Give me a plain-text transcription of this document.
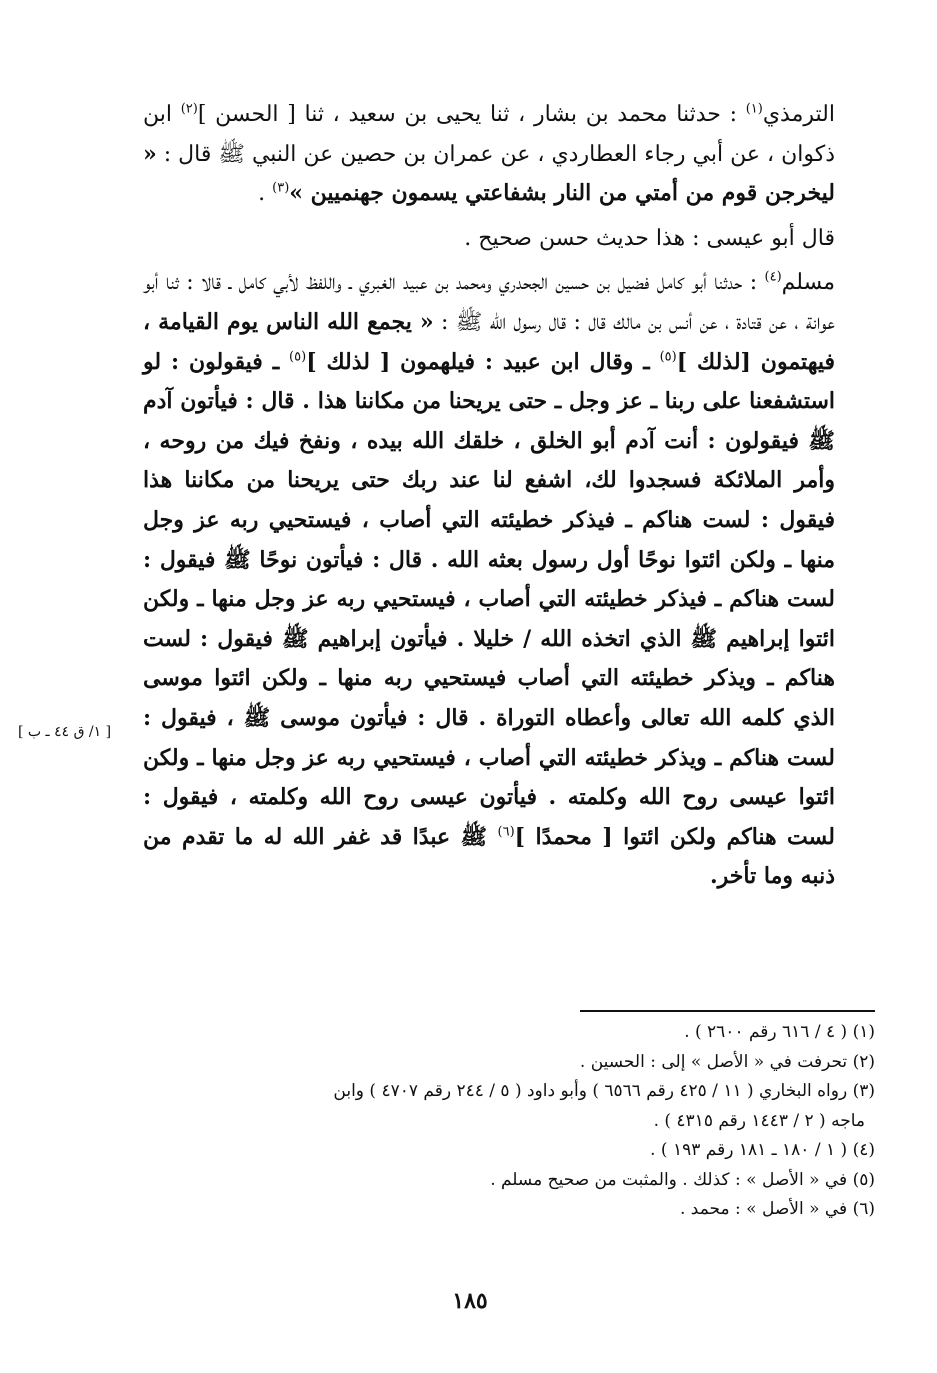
الترمذي$^{(١)}$ : حدثنا محمد بن بشار ، ثنا يحيى بن سعيد ، ثنا [ الحسن ]$^{(٢)}$ ابن ذكوان ، عن أبي رجاء العطاردي ، عن عمران بن حصين عن النبي ﷺ قال : « ليخرجن قوم من أمتي من النار بشفاعتي يسمون جهنميين »$^{(٣)}$ .

قال أبو عيسى : هذا حديث حسن صحيح .

مسلم$^{(٤)}$ : حدثنا أبو كامل فضيل بن حسين الجحدري ومحمد بن عبيد الغبري ـ واللفظ لأبي كامل ـ قالا : ثنا أبو عوانة ، عن قتادة ، عن أنس بن مالك قال : قال رسول الله ﷺ : « يجمع الله الناس يوم القيامة ، فيهتمون [لذلك ]$^{(٥)}$ ـ وقال ابن عبيد : فيلهمون [ لذلك ]$^{(٥)}$ ـ فيقولون : لو استشفعنا على ربنا ـ عز وجل ـ حتى يريحنا من مكاننا هذا . قال : فيأتون آدم ﷺ فيقولون : أنت آدم أبو الخلق ، خلقك الله بيده ، ونفخ فيك من روحه ، وأمر الملائكة فسجدوا لك، اشفع لنا عند ربك حتى يريحنا من مكاننا هذا فيقول : لست هناكم ـ فيذكر خطيئته التي أصاب ، فيستحيي ربه عز وجل منها ـ ولكن ائتوا نوحًا أول رسول بعثه الله . قال : فيأتون نوحًا ﷺ فيقول : لست هناكم ـ فيذكر خطيئته التي أصاب ، فيستحيي ربه عز وجل منها ـ ولكن ائتوا إبراهيم ﷺ الذي اتخذه الله / خليلا . فيأتون إبراهيم ﷺ فيقول : لست هناكم ـ ويذكر خطيئته التي أصاب فيستحيي ربه منها ـ ولكن ائتوا موسى الذي كلمه الله تعالى وأعطاه التوراة . قال : فيأتون موسى ﷺ ، فيقول : لست هناكم ـ ويذكر خطيئته التي أصاب ، فيستحيي ربه عز وجل منها ـ ولكن ائتوا عيسى روح الله وكلمته . فيأتون عيسى روح الله وكلمته ، فيقول : لست هناكم ولكن ائتوا [ محمدًا ]$^{(٦)}$ ﷺ عبدًا قد غفر الله له ما تقدم من ذنبه وما تأخر.

[ ١/ ق ٤٤ ـ ب ]

(١) ( ٤ / ٦١٦ رقم ٢٦٠٠ ) .

(٢) تحرفت في « الأصل » إلى : الحسين .

(٣) رواه البخاري ( ١١ / ٤٢٥ رقم ٦٥٦٦ ) وأبو داود ( ٥ / ٢٤٤ رقم ٤٧٠٧ ) وابن

ماجه ( ٢ / ١٤٤٣ رقم ٤٣١٥ ) .

(٤) ( ١ / ١٨٠ ـ ١٨١ رقم ١٩٣ ) .

(٥) في « الأصل » : كذلك . والمثبت من صحيح مسلم .

(٦) في « الأصل » : محمد .

١٨٥
